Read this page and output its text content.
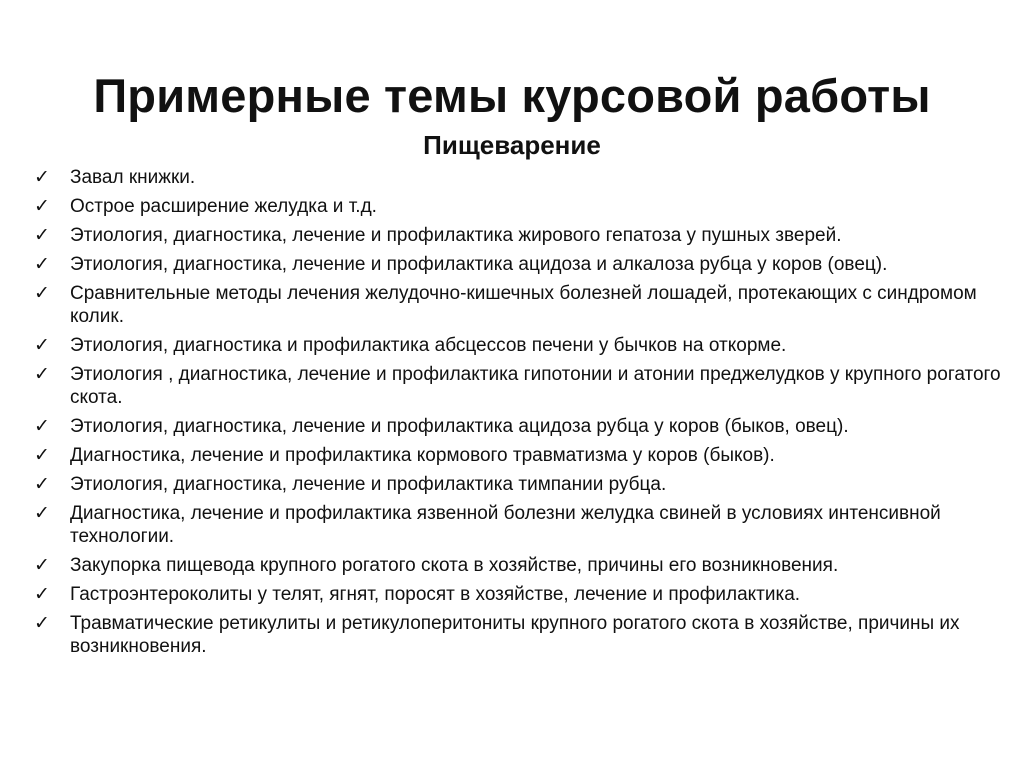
Примерные темы курсовой работы
Пищеварение
✓	Завал книжки.
✓	Острое расширение желудка и т.д.
✓	Этиология, диагностика, лечение и профилактика жирового гепатоза у пушных зверей.
✓	Этиология, диагностика, лечение и профилактика ацидоза и алкалоза рубца у коров (овец).
✓	Сравнительные методы лечения желудочно-кишечных болезней лошадей, протекающих с синдромом колик.
✓	Этиология, диагностика и профилактика абсцессов печени у бычков на откорме.
✓	Этиология , диагностика, лечение и профилактика гипотонии и атонии преджелудков у крупного рогатого скота.
✓	Этиология, диагностика, лечение и профилактика ацидоза рубца у коров (быков, овец).
✓	Диагностика, лечение и профилактика кормового травматизма у коров (быков).
✓	Этиология, диагностика, лечение и профилактика тимпании рубца.
✓	Диагностика, лечение и профилактика язвенной болезни желудка свиней в условиях интенсивной технологии.
✓	Закупорка пищевода крупного рогатого скота в хозяйстве, причины его возникновения.
✓	Гастроэнтероколиты у телят, ягнят, поросят в хозяйстве, лечение и профилактика.
✓	Травматические ретикулиты и ретикулоперитониты крупного рогатого скота в хозяйстве, причины их возникновения.
